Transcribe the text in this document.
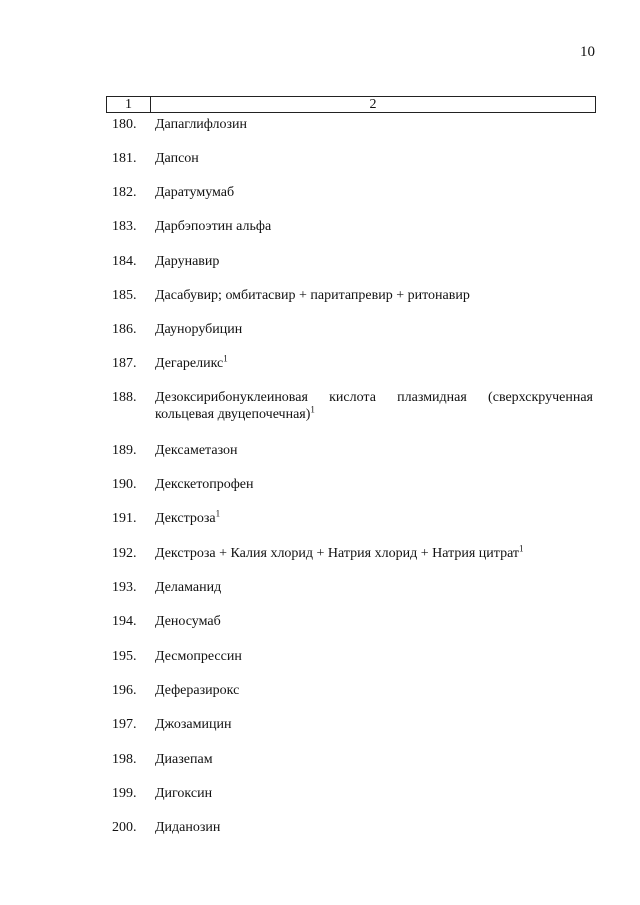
10
1	2
180.	Дапаглифлозин
181.	Дапсон
182.	Даратумумаб
183.	Дарбэпоэтин альфа
184.	Дарунавир
185.	Дасабувир; омбитасвир + паритапревир + ритонавир
186.	Даунорубицин
187.	Дегареликс$^1$
188.	Дезоксирибонуклеиновая кислота плазмидная (сверхскрученная кольцевая двуцепочечная)$^1$
189.	Дексаметазон
190.	Декскетопрофен
191.	Декстроза$^1$
192.	Декстроза + Калия хлорид + Натрия хлорид + Натрия цитрат$^1$
193.	Деламанид
194.	Деносумаб
195.	Десмопрессин
196.	Деферазирокс
197.	Джозамицин
198.	Диазепам
199.	Дигоксин
200.	Диданозин
